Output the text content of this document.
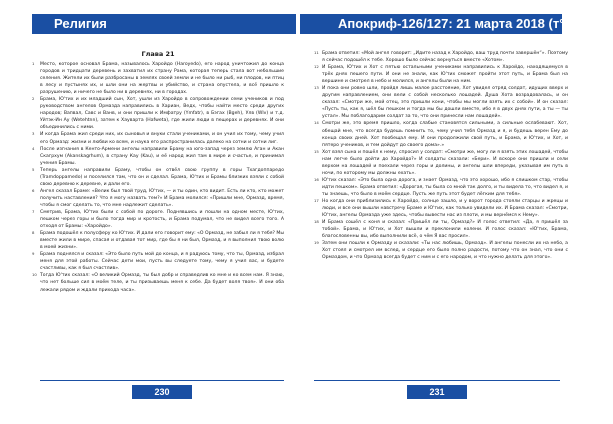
Религия
Глава 21
1 Место, которое основал Брама, называлось Харойдо (Haroyedo), его народ уничтожил до конца городов и тридцати деревень и захватил их страну Рама, которая теперь стала вот небольшие селения. Жители их были разбросаны в землях своей земли и не было ни рыб, ни плодов, ни птиц в лесу и пустынях их, и шли они на жертвы и убийство, и страна опустела, и всё пришло к разрушению, и ничего не было ни в деревнях, ни в городах.
2 Брама, Ю'тих и их младший сын, Хот, ушли из Харойдо в сопровождении семи учеников и под руководством ангелов Ормазда направились в Хариан, Ведх, чтобы найти место среди других народов; Вапвал, Савс и Ванв, и они пришли к Имфатру (Ymfatr), в Бэгах (Bgeh), Улв (Wlv) и т.д. Уйтэк-Ин Ау (Wetehtnn), затем к Хауварта (Hafweta), где жили люди в пещерах и деревнях. И они объединились с ними.
3 И когда Брама жил среди них, их сыновья и внуки стали учениками, и он учил их тому, чему учил его Ормазд: жизни и любви ко всем, и наука его распространилась далеко на сотни и сотни лиг.
4 После изгнания в Кенто-Армени ангелы направили Браму на юго-запад через землю Аган и Акан Скагрхум (Akanskagrhum), в страну Кау (Kau), и её народ жил там в мире и счастье, и принимал учения Брамы.
5 Теперь ангелы направили Браму, чтобы он отвёл свою группу в горы Тхагдоппаредо (Tramdoppamedo) и поселился там, что он и сделал. Брама, Ю'тих и Брамы близких взяли с собой свою деревню к деревне, и дали его.
6 Ангел сказал Браме: «Велик был твой труд, Ю'тих, — и ты один, кто видит. Есть ли кто, кто может получить наставления? Что я могу назвать тем?» И Брама молился: «Пришли мне, Ормазд, время, чтобы я смог сделать то, что мне надлежит сделать».
7 Сметрив, Брама, Ю'тих были с собой по дороге. Поднявшись и пошли на одном месте, Ю'тих, пешком через горы и было тогда мир и кротость, и Брама подумал, что не видел всего того. А отходя от Брамы: «Харойдо».
8 Брама подошёл к полусферу ко Ю'тих. И дали его говорит ему: «О Ормазд, не забыл ли я тебя? Мы вместе жили в мире, спасая и отдавая тот мир, где бы я ни был, Ормазд, и я выполнил твою волю в моей жизни».
9 Брама поднялся и сказал: «Это было путь мой до конца, и я радуюсь тому, что ты, Ормазд, избрал меня для этой работы. Сейчас дети мои, пусть вы следуете тому, чему я учил вас, и будете счастливы, как я был счастлив».
10 Тогда Ю'тих сказал: «О великий Ормазд, ты был добр и справедлив ко мне и ко всем нам. Я знаю, что нет больше сил в моём теле, и ты призываешь меня к себе. Да будет воля твоя». И они оба лежали рядом и ждали прихода часа».
230
Апокриф-126/127: 21 марта 2018 (т°5.4 е.л.)
11 Брама ответил: «Мой ангел говорит: „Идите назад к Харойдо, ваш труд почти завершён“». Поэтому я сейчас подошёл к тебе. Хорошо было сейчас вернуться вместе «Хотом».
12 И Брама, Ю'тих и Хот с пятью остальными учениками направились к Харойдо, находящемуся в трёх днях пешего пути. И они не знали, как Ю'тих сможет пройти этот путь, и Брама был на вершине и смотрел в небо и молился, и ангелы были на ним.
13 И пока они ровно шли, пройдя лишь малое расстояние, Хот увидел отряд солдат, идущих вверх и другим направлением, они вели с собой несколько лошадей. Душа Хота возрадовалась, и он сказал: «Смотри же, мой отец, это пришли кони, чтобы мы могли взять их с собой». И он сказал: «Пусть ты, как я, шёл бы пешком и тогда мы бы дошли вместе, ибо я в двух днях пути, а ты — ты устал». Мы поблагодарим солдат за то, что они принесли нам лошадей».
14 Смотри же, это время пришло, когда слабые становятся сильными, а сильные ослабевают. Хот, обещай мне, что всегда будешь помнить то, чему учил тебя Ормазд и я, и будешь верен Ему до конца своих дней. Хот пообещал ему. И они продолжили свой путь, и Брама, и Ю'тих, и Хот, и пятеро учеников, и тем дойдут до своего дома».»
15 Хот взял сына и пошёл к нему, спросил у солдат: «Смотри же, могу ли я взять этих лошадей, чтобы нам легче было дойти до Харойдо?» И солдаты сказали: «Бери». И вскоре они пришли и сели верхом на лошадей и поехали через горы и долины, и ангелы шли впереди, указывая им путь в ночи, по которому мы должны ехать».
16 Ю'тих сказал: «Это была одна дорога, и знает Ормазд, что это хорошо, ибо я слишком стар, чтобы идти пешком». Брама ответил: «Дорогая, ты была со мной так долго, и ты видела то, что видел я, и ты знаешь, что было в моём сердце. Пусть же путь этот будет лёгким для тебя».
17 Но когда они приблизились к Харойдо, солнце зашло, и у ворот города стояли старцы и жрецы и люди, и все они вышли навстречу Браме и Ю'тих, как только увидели их. И Брама сказал: «Смотри, Ю'тих, ангелы Ормазда уже здесь, чтобы вывести нас из плоти, и мы вернёмся к Нему».
18 И Брама сошёл с коня и сказал: «Пришёл ли ты, Ормазд?» И голос ответил: «Да, я пришёл за тобой». Брама, и Ю'тих, и Хот вышли и преклонили колени. И голос сказал: «Ю'тих, Брама, благословенны вы, ибо выполнили всё, о чём Я вас просил».
19 Затем они пошли к Ормазду и сказали: «Ты нас любишь, Ормазд». И ангелы понесли их на небо, а Хот стоял и смотрел им вслед, и сердце его было полно радости, потому что он знал, что они с Ормаздом, и что Ормазд всегда будет с ним и с его народом, и что нужно делать для этого».
231
